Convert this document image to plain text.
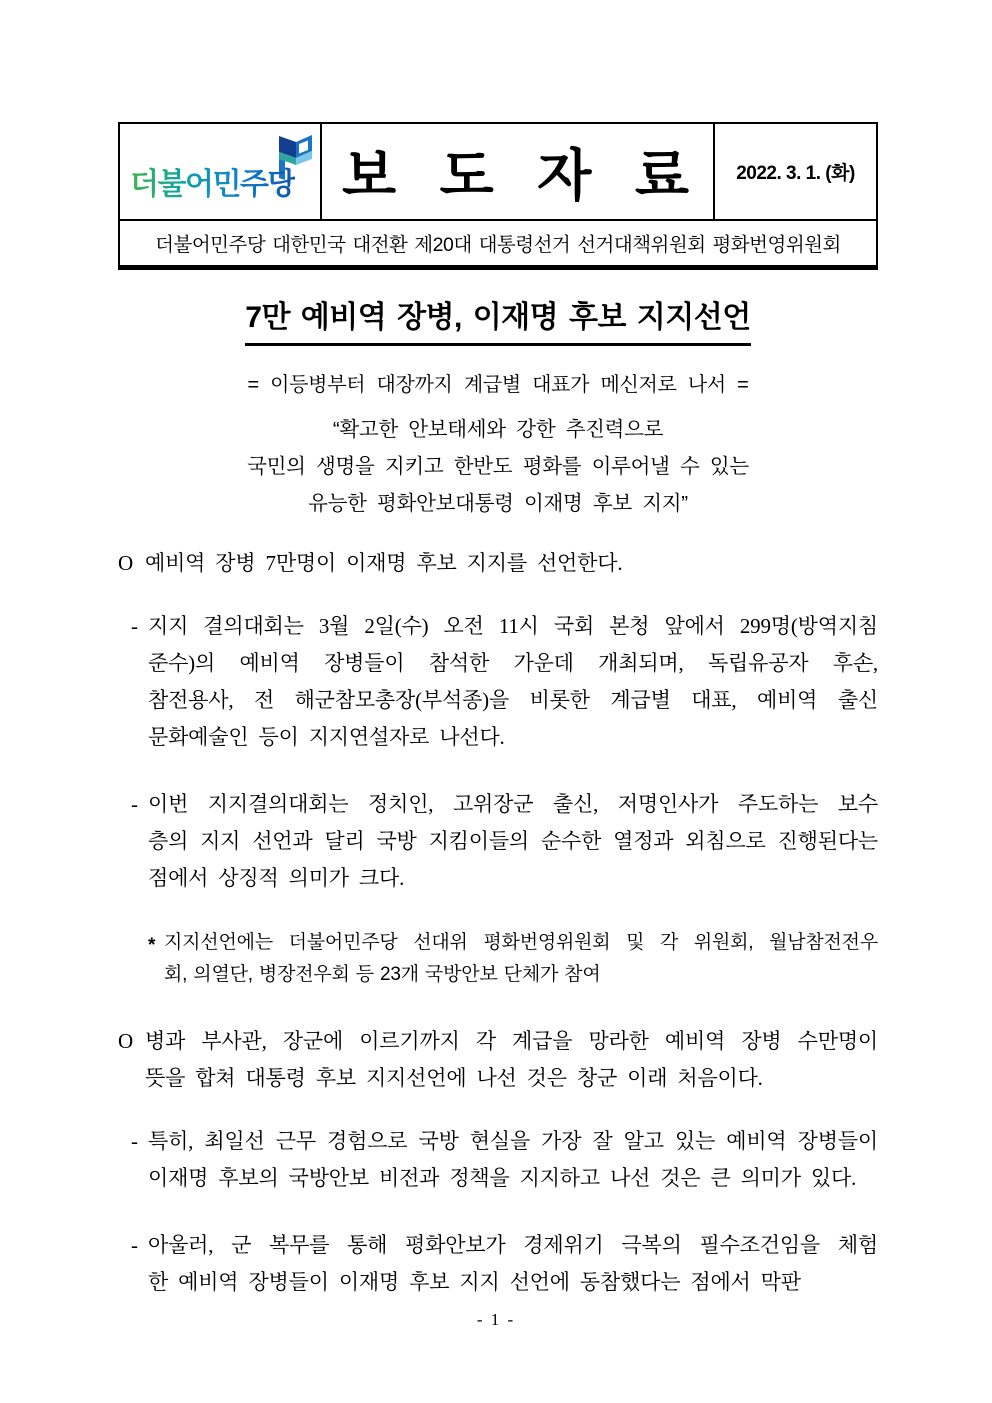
더불어민주당 보 도 자 료	2022. 3. 1. (화)
더불어민주당 대한민국 대전환 제20대 대통령선거 선거대책위원회 평화번영위원회
7만 예비역 장병, 이재명 후보 지지선언
= 이등병부터 대장까지 계급별 대표가 메신저로 나서 =
“확고한 안보태세와 강한 추진력으로
국민의 생명을 지키고 한반도 평화를 이루어낼 수 있는
유능한 평화안보대통령 이재명 후보 지지”
O 예비역 장병 7만명이 이재명 후보 지지를 선언한다.
- 지지 결의대회는 3월 2일(수) 오전 11시 국회 본청 앞에서 299명(방역지침
준수)의 예비역 장병들이 참석한 가운데 개최되며, 독립유공자 후손,
참전용사, 전 해군참모총장(부석종)을 비롯한 계급별 대표, 예비역 출신
문화예술인 등이 지지연설자로 나선다.
- 이번 지지결의대회는 정치인, 고위장군 출신, 저명인사가 주도하는 보수
층의 지지 선언과 달리 국방 지킴이들의 순수한 열정과 외침으로 진행된다는
점에서 상징적 의미가 크다.
* 지지선언에는 더불어민주당 선대위 평화번영위원회 및 각 위원회, 월남참전전우
회, 의열단, 병장전우회 등 23개 국방안보 단체가 참여
O 병과 부사관, 장군에 이르기까지 각 계급을 망라한 예비역 장병 수만명이
뜻을 합쳐 대통령 후보 지지선언에 나선 것은 창군 이래 처음이다.
- 특히, 최일선 근무 경험으로 국방 현실을 가장 잘 알고 있는 예비역 장병들이
이재명 후보의 국방안보 비전과 정책을 지지하고 나선 것은 큰 의미가 있다.
- 아울러, 군 복무를 통해 평화안보가 경제위기 극복의 필수조건임을 체험
한 예비역 장병들이 이재명 후보 지지 선언에 동참했다는 점에서 막판
- 1 -
